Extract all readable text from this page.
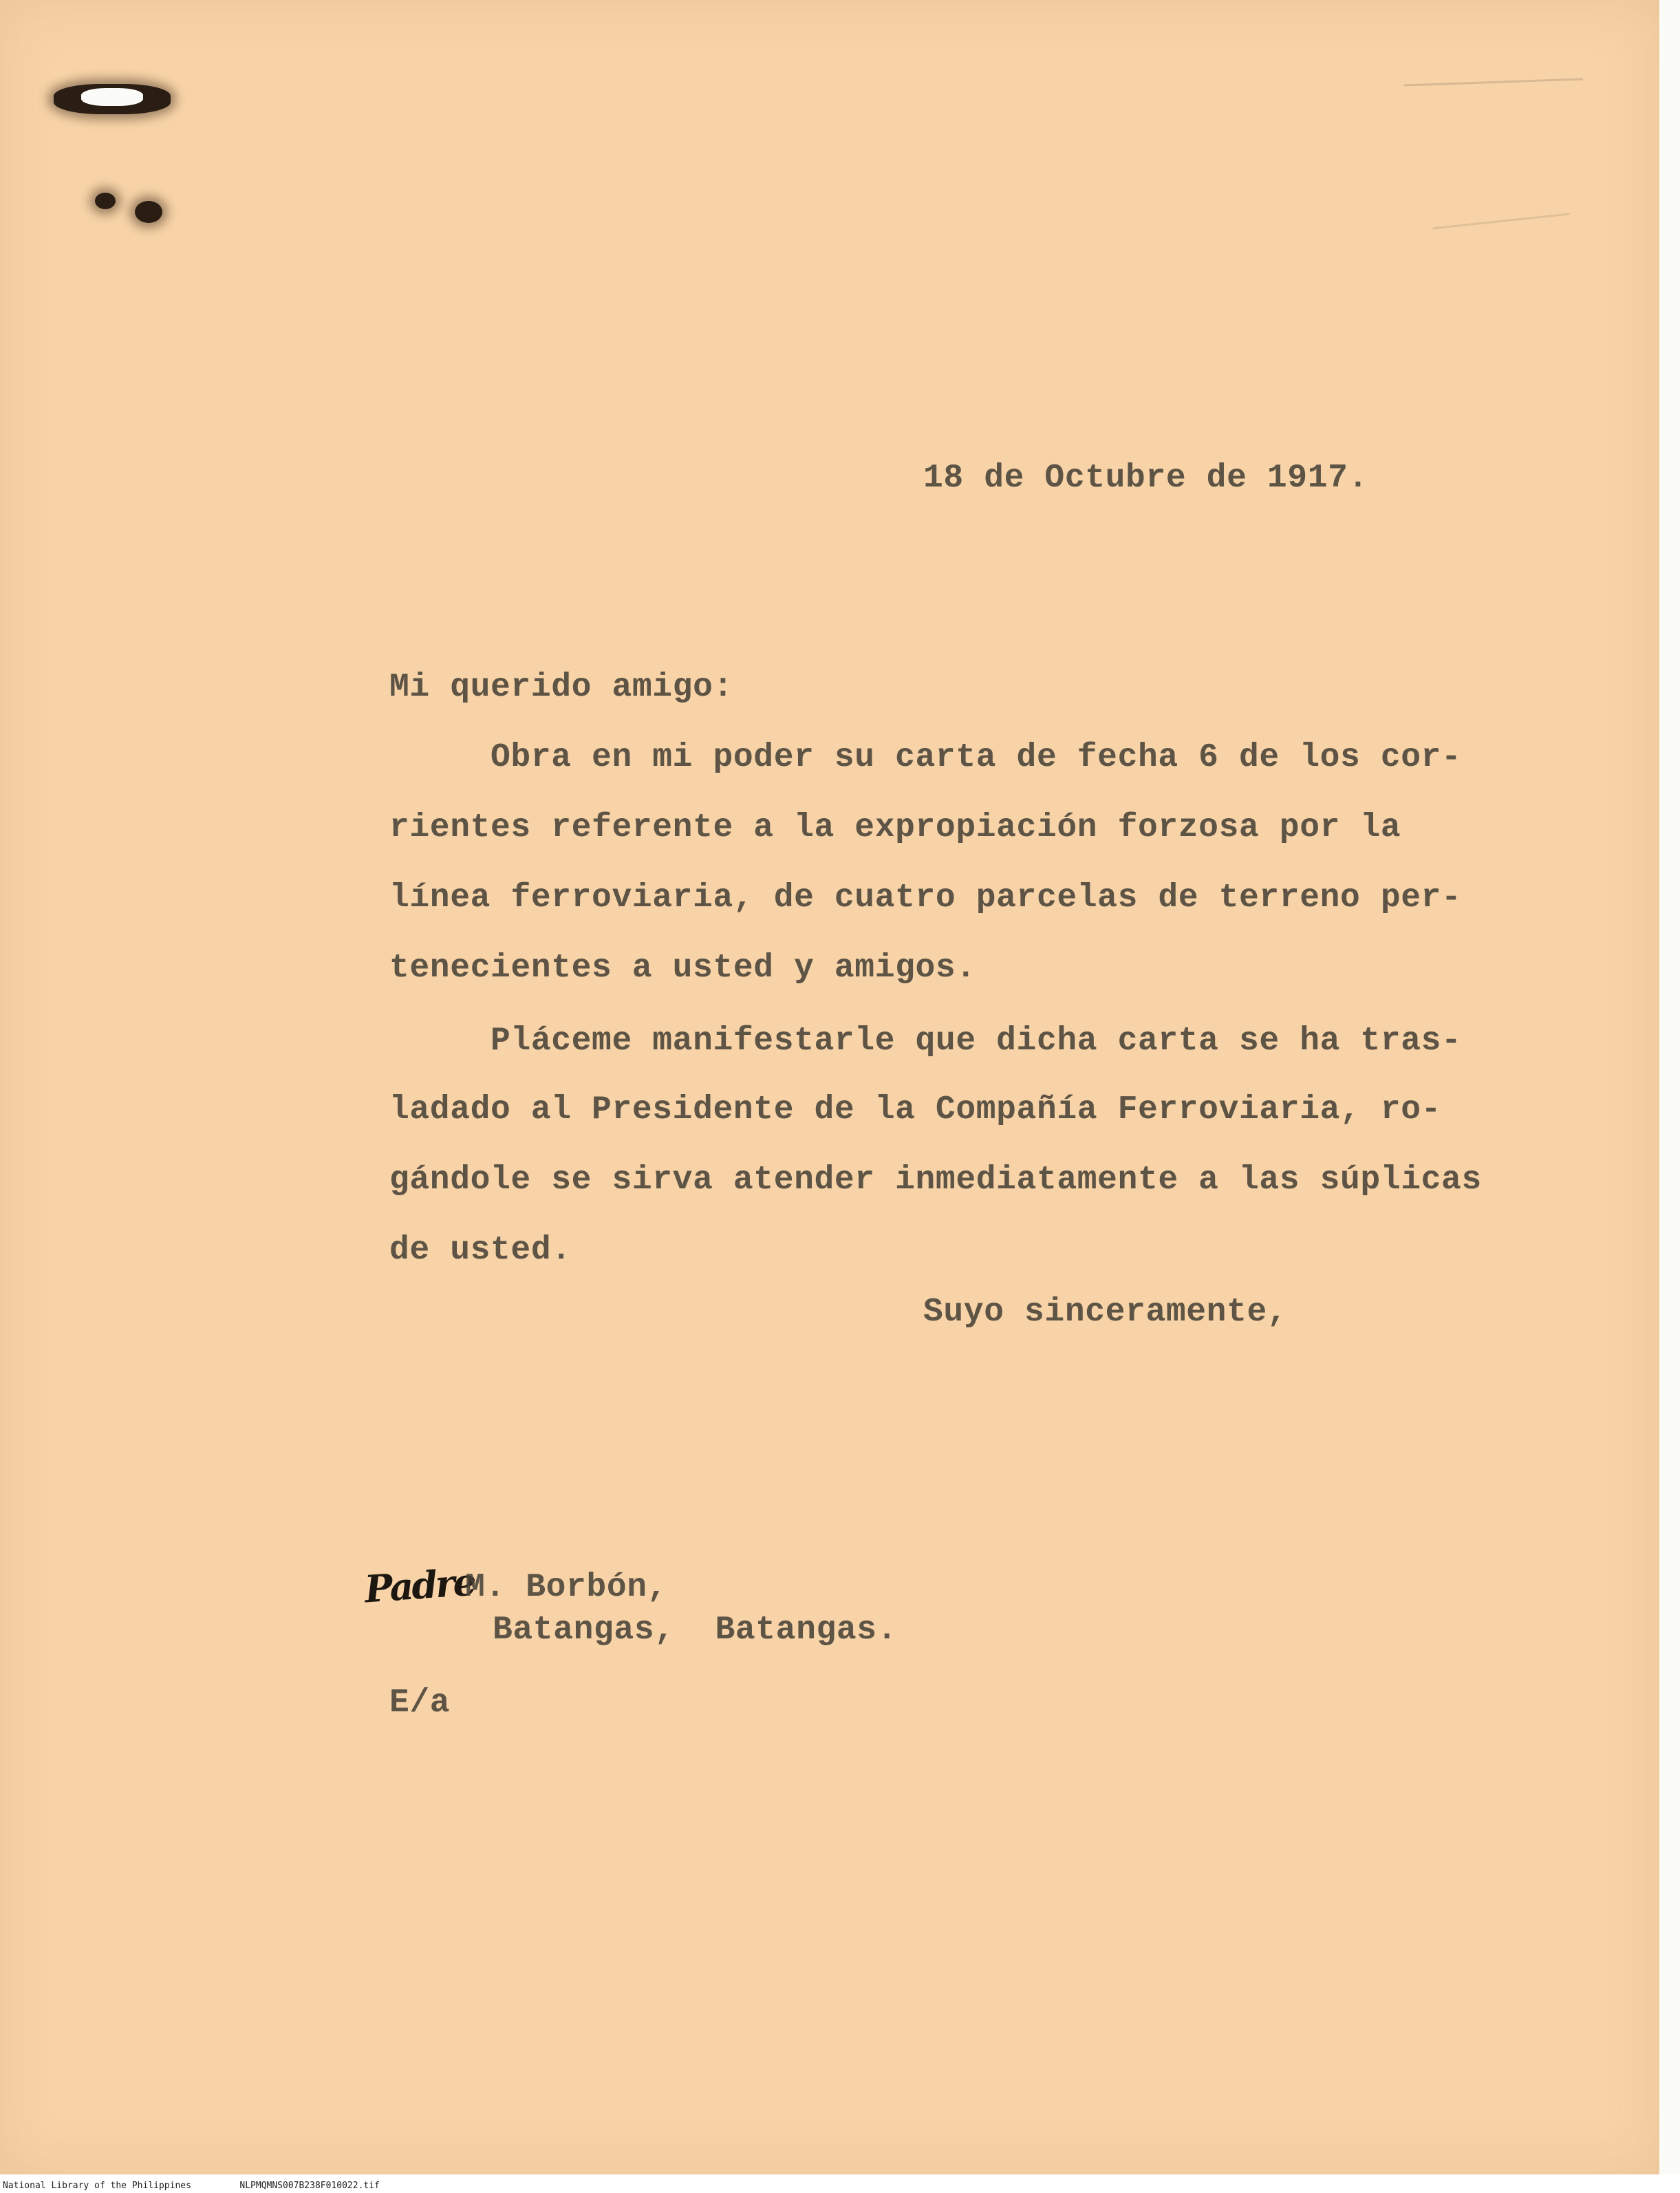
18 de Octubre de 1917.
Mi querido amigo:
Obra en mi poder su carta de fecha 6 de los cor-
rientes referente a la expropiación forzosa por la
línea ferroviaria, de cuatro parcelas de terreno per-
tenecientes a usted y amigos.
Pláceme manifestarle que dicha carta se ha tras-
ladado al Presidente de la Compañía Ferroviaria, ro-
gándole se sirva atender inmediatamente a las súplicas
de usted.
Suyo sinceramente,
Padre
M. Borbón,
Batangas,  Batangas.
E/a
National Library of the Philippines	NLPMQMNS007B238F010022.tif
